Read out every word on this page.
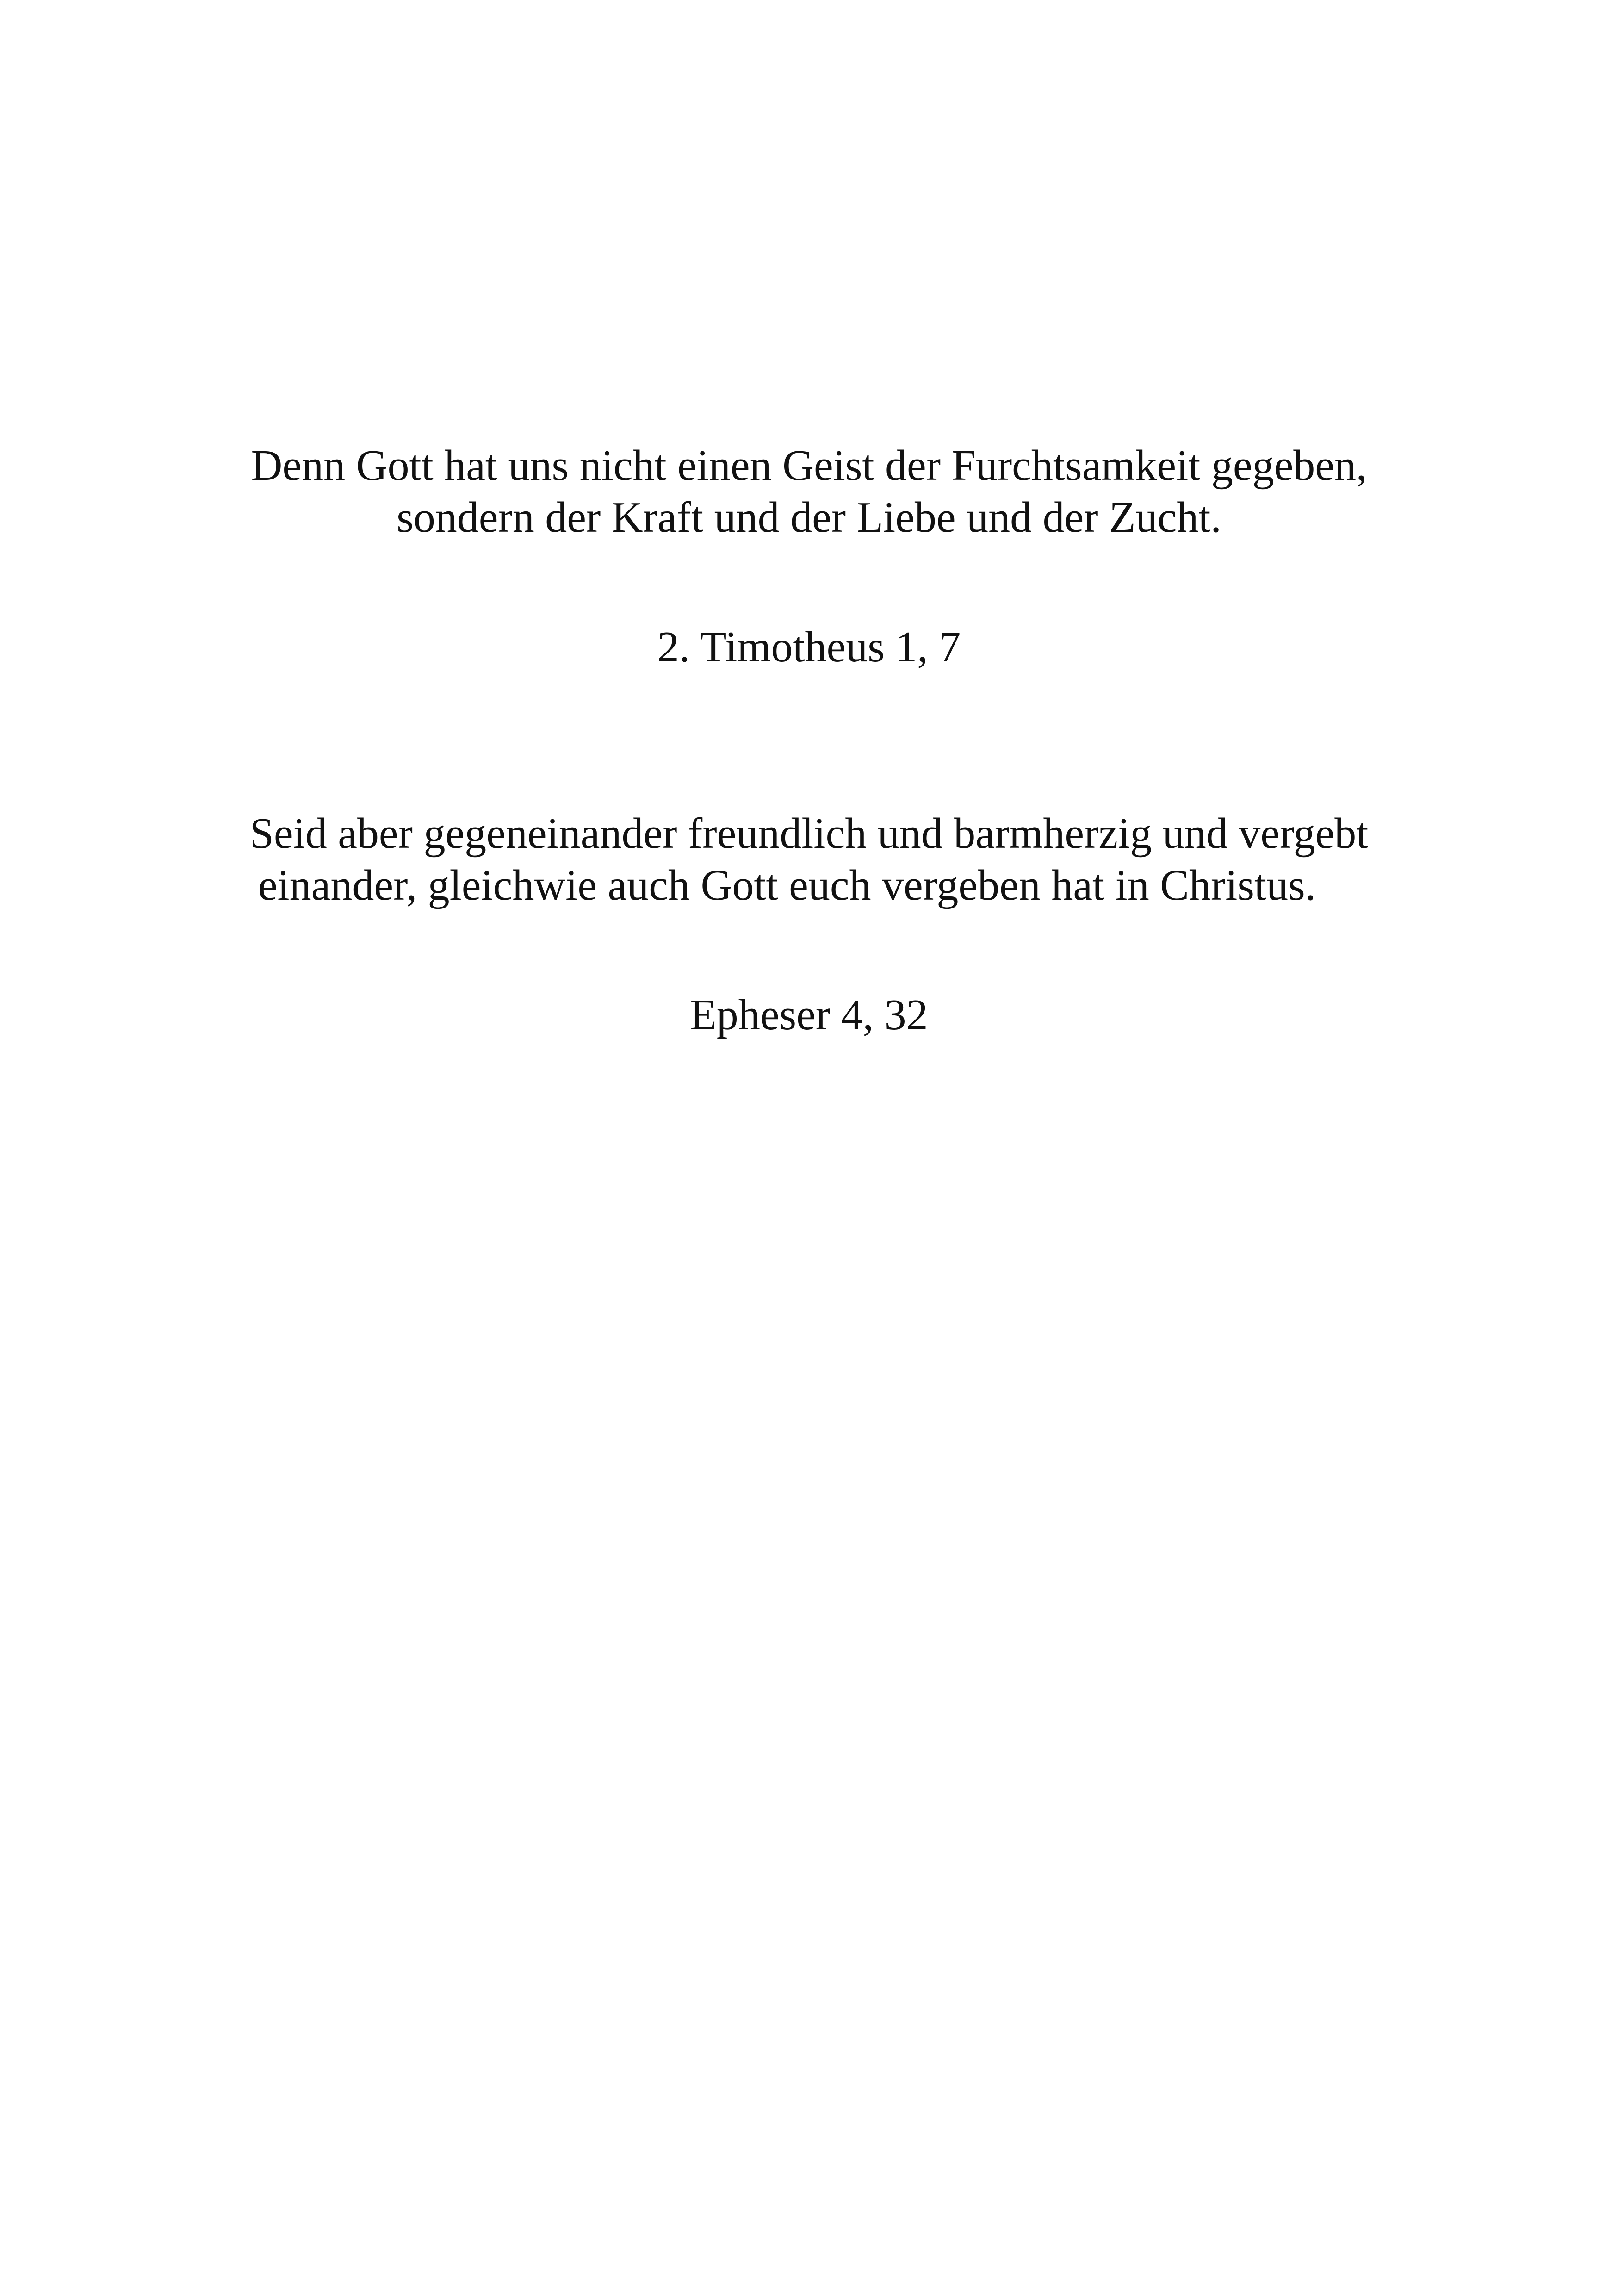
Denn Gott hat uns nicht einen Geist der Furchtsamkeit gegeben,
sondern der Kraft und der Liebe und der Zucht.

2. Timotheus 1, 7

Seid aber gegeneinander freundlich und barmherzig und vergebt
einander, gleichwie auch Gott euch vergeben hat in Christus.

Epheser 4, 32
